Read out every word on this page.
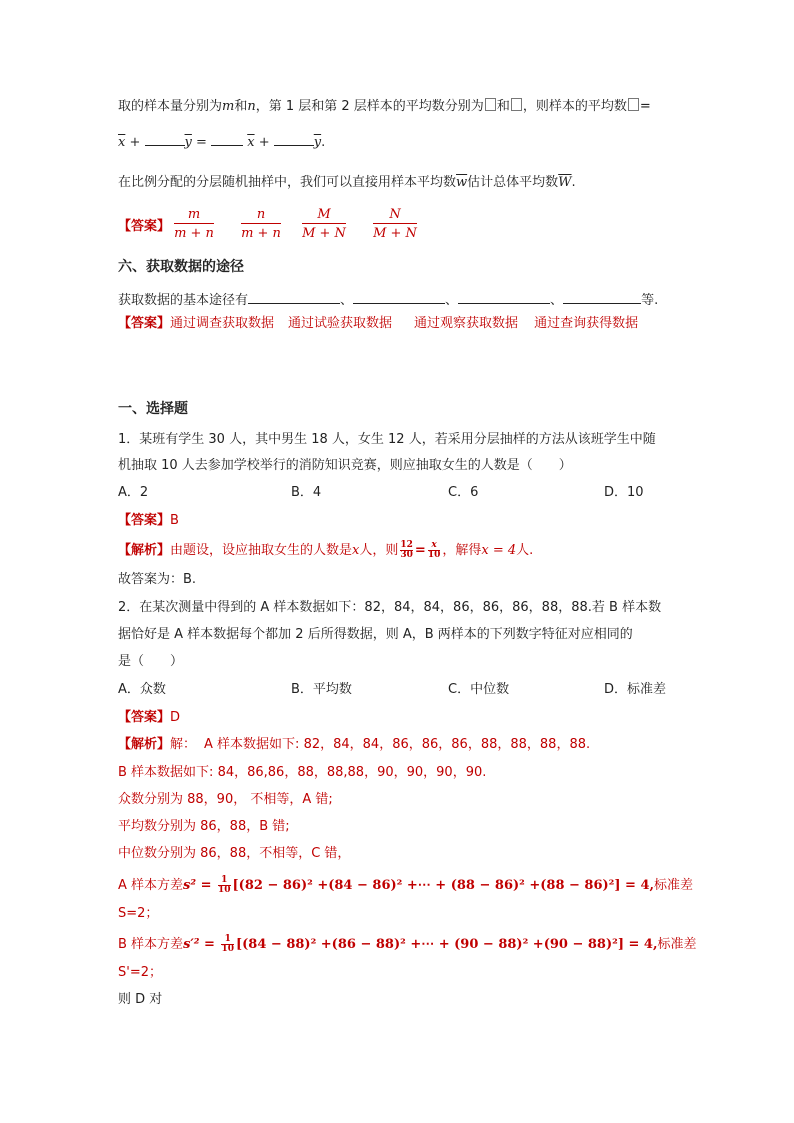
取的样本量分别为m和n，第 1 层和第 2 层样本的平均数分别为 和 ，则样本的平均数 =
$\overline{x}$ +	$\overline{y}$ =	$\overline{x}$ +	$\overline{y}$.
在比例分配的分层随机抽样中，我们可以直接用样本平均数$\overline{w}$估计总体平均数$\overline{W}$.
【答案】 $\frac{m}{m + n} \frac{n}{m + n} \frac{M}{M + N} \frac{N}{M + N}$
六、获取数据的途径
获取数据的基本途径有	、	、	、	等.
【答案】通过调查获取数据 通过试验获取数据 通过观察获取数据 通过查询获得数据
一、选择题
1．某班有学生 30 人，其中男生 18 人，女生 12 人，若采用分层抽样的方法从该班学生中随
机抽取 10 人去参加学校举行的消防知识竞赛，则应抽取女生的人数是（　　）
A．2	B．4	C．6	D．10
【答案】B
【解析】由题设，设应抽取女生的人数是x人，则 $\frac{12}{30} = \frac{x}{10}$ ，解得x = 4人.
故答案为：B.
2．在某次测量中得到的 A 样本数据如下：82，84，84，86，86，86，88，88.若 B 样本数
据恰好是 A 样本数据每个都加 2 后所得数据，则 A，B 两样本的下列数字特征对应相同的
是（　　）
A．众数	B．平均数	C．中位数	D．标准差
【答案】D
【解析】解： A 样本数据如下: 82，84，84，86，86，86，88，88，88，88.
B 样本数据如下: 84，86,86，88，88,88，90，90，90，90.
众数分别为 88，90， 不相等，A 错;
平均数分别为 86，88，B 错;
中位数分别为 86，88，不相等，C 错，
A 样本方差$s^2 = \frac{1}{10} [(82 - 86)^2 +(84 - 86)^2$ +⋯ + (88 − 86)² +(88 − 86)²] = 4,标准差
S=2；
B 样本方差$s'^2 = \frac{1}{10} [(84 - 88)^2 +(86 - 88)^2$ +⋯ + (90 − 88)² +(90 − 88)²] = 4,标准差
S'=2；
则 D 对
